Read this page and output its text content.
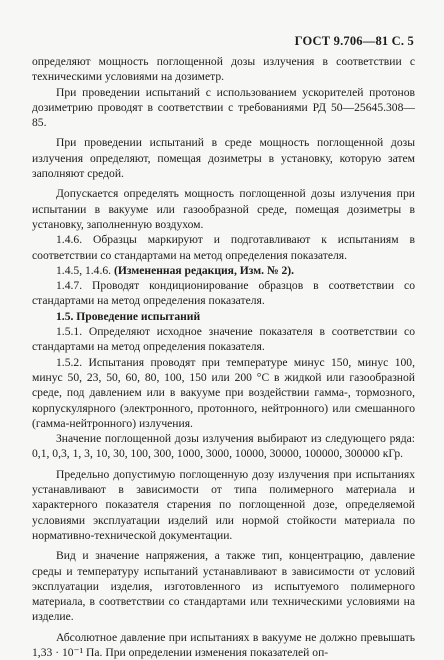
ГОСТ 9.706—81 С. 5

определяют мощность поглощенной дозы излучения в соответствии с техническими условиями на дозиметр.

При проведении испытаний с использованием ускорителей протонов дозиметрию проводят в соответствии с требованиями РД 50—25645.308—85.

При проведении испытаний в среде мощность поглощенной дозы излучения определяют, помещая дозиметры в установку, которую затем заполняют средой.

Допускается определять мощность поглощенной дозы излучения при испытании в вакууме или газообразной среде, помещая дозиметры в установку, заполненную воздухом.

1.4.6. Образцы маркируют и подготавливают к испытаниям в соответствии со стандартами на метод определения показателя.

1.4.5, 1.4.6. (Измененная редакция, Изм. № 2).

1.4.7. Проводят кондиционирование образцов в соответствии со стандартами на метод определения показателя.

1.5. Проведение испытаний

1.5.1. Определяют исходное значение показателя в соответствии со стандартами на метод определения показателя.

1.5.2. Испытания проводят при температуре минус 150, минус 100, минус 50, 23, 50, 60, 80, 100, 150 или 200 °С в жидкой или газообразной среде, под давлением или в вакууме при воздействии гамма-, тормозного, корпускулярного (электронного, протонного, нейтронного) или смешанного (гамма-нейтронного) излучения.

Значение поглощенной дозы излучения выбирают из следующего ряда: 0,1, 0,3, 1, 3, 10, 30, 100, 300, 1000, 3000, 10000, 30000, 100000, 300000 кГр.

Предельно допустимую поглощенную дозу излучения при испытаниях устанавливают в зависимости от типа полимерного материала и характерного показателя старения по поглощенной дозе, определяемой условиями эксплуатации изделий или нормой стойкости материала по нормативно-технической документации.

Вид и значение напряжения, а также тип, концентрацию, давление среды и температуру испытаний устанавливают в зависимости от условий эксплуатации изделия, изготовленного из испытуемого полимерного материала, в соответствии со стандартами или техническими условиями на изделие.

Абсолютное давление при испытаниях в вакууме не должно превышать 1,33 · 10⁻¹ Па. При определении изменения показателей оп-
